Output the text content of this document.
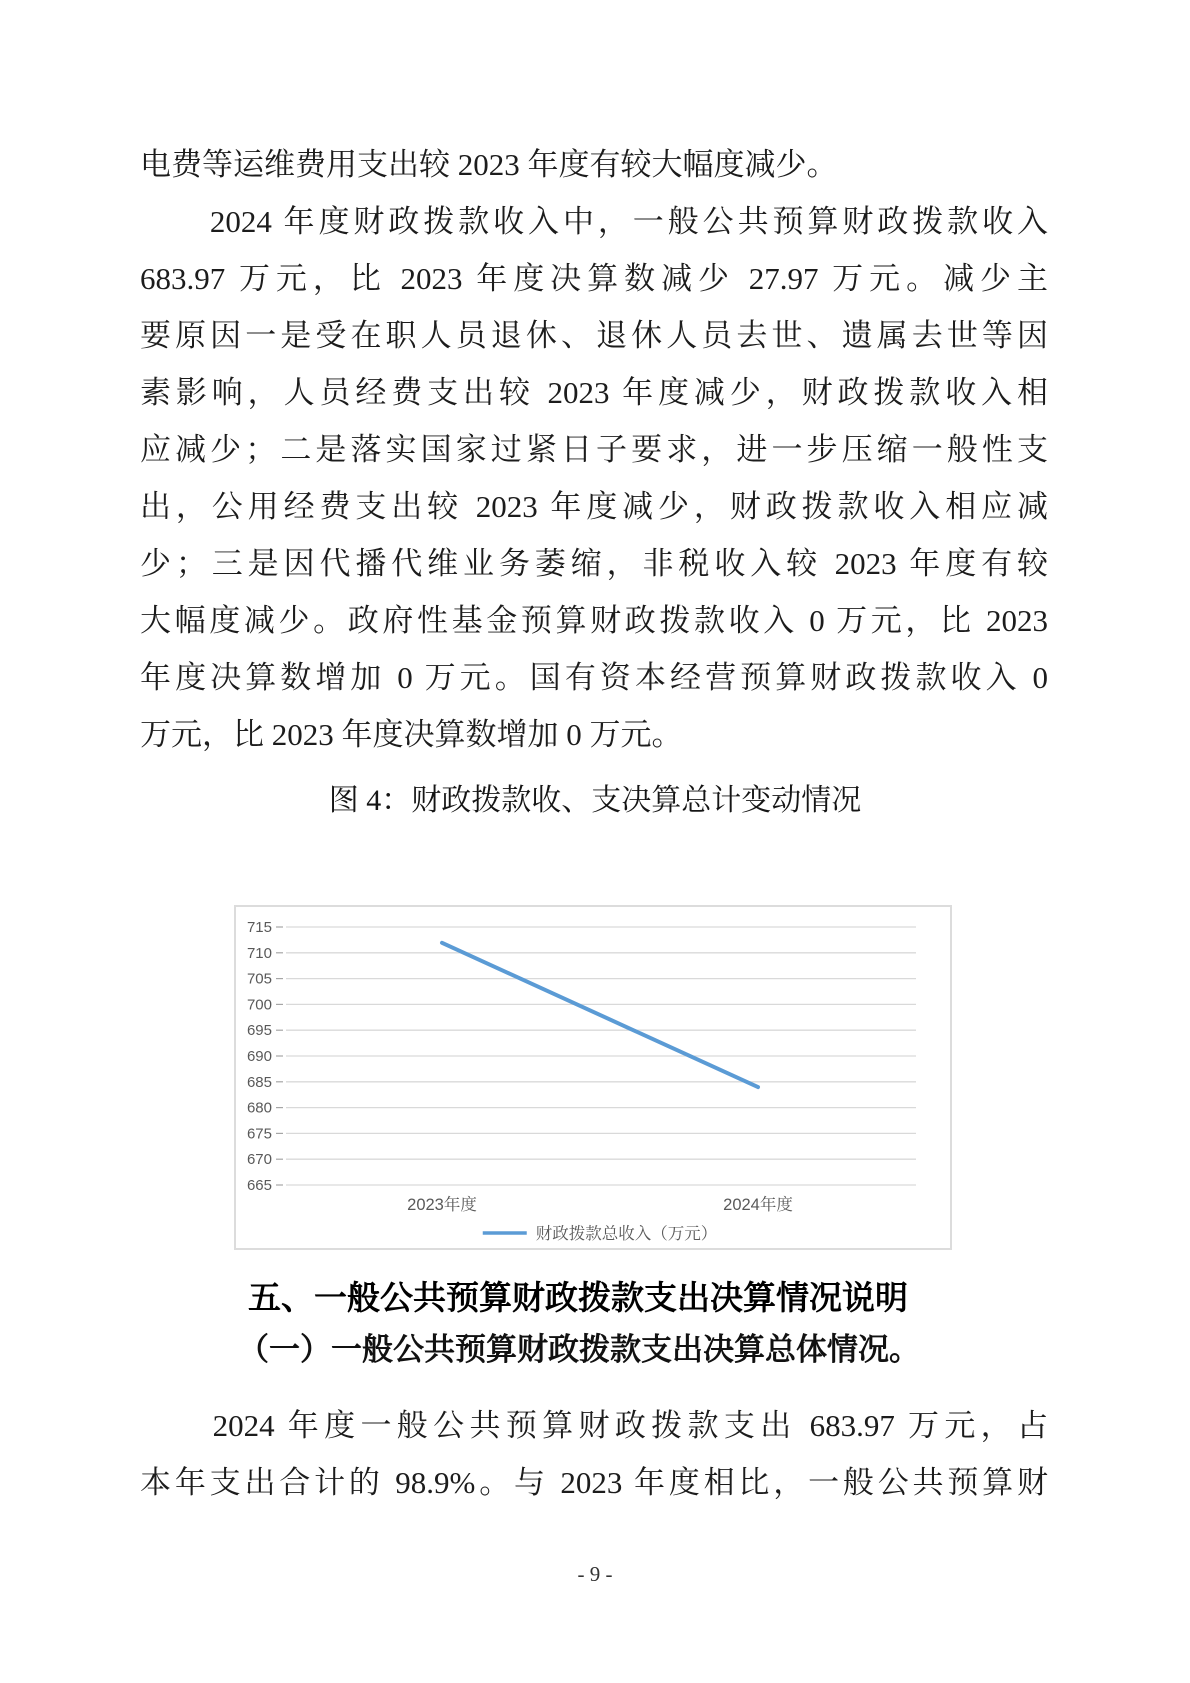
电费等运维费用支出较 2023 年度有较大幅度减少。
　　2024 年度财政拨款收入中，一般公共预算财政拨款收入
683.97 万元，比 2023 年度决算数减少 27.97 万元。减少主
要原因一是受在职人员退休、退休人员去世、遗属去世等因
素影响，人员经费支出较 2023 年度减少，财政拨款收入相
应减少；二是落实国家过紧日子要求，进一步压缩一般性支
出，公用经费支出较 2023 年度减少，财政拨款收入相应减
少；三是因代播代维业务萎缩，非税收入较 2023 年度有较
大幅度减少。政府性基金预算财政拨款收入 0 万元，比 2023
年度决算数增加 0 万元。国有资本经营预算财政拨款收入 0
万元，比 2023 年度决算数增加 0 万元。
图 4：财政拨款收、支决算总计变动情况
715
710
705
700
695
690
685
680
675
670
665
2023年度	2024年度
财政拨款总收入（万元）
五、一般公共预算财政拨款支出决算情况说明
（一）一般公共预算财政拨款支出决算总体情况。
　　2024 年度一般公共预算财政拨款支出 683.97 万元，占
本年支出合计的 98.9%。与 2023 年度相比，一般公共预算财
- 9 -
